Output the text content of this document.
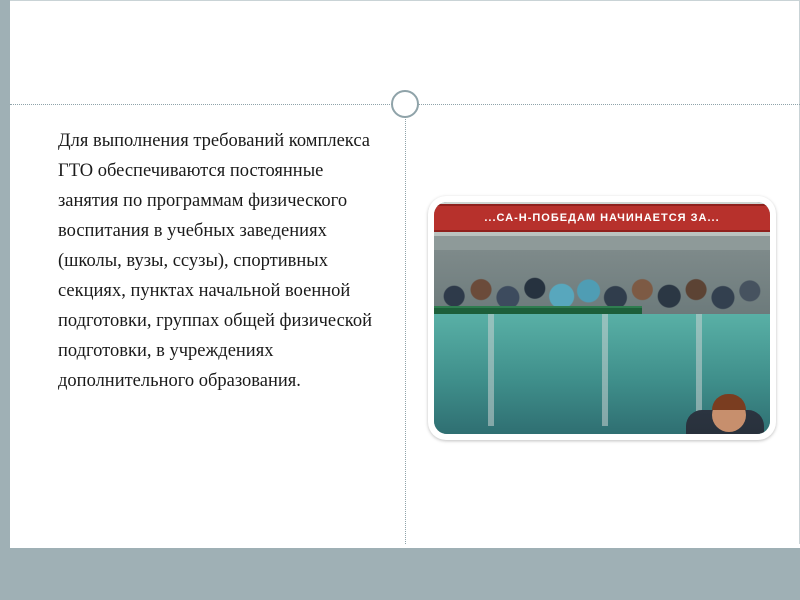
Для выполнения требований комплекса ГТО обеспечиваются постоянные занятия по программам физического воспитания в учебных заведениях (школы, вузы, ссузы), спортивных секциях, пунктах начальной военной подготовки, группах общей физической подготовки, в учреждениях дополнительного образования.
...СА-Н-ПОБЕДАМ НАЧИНАЕТСЯ ЗА...
